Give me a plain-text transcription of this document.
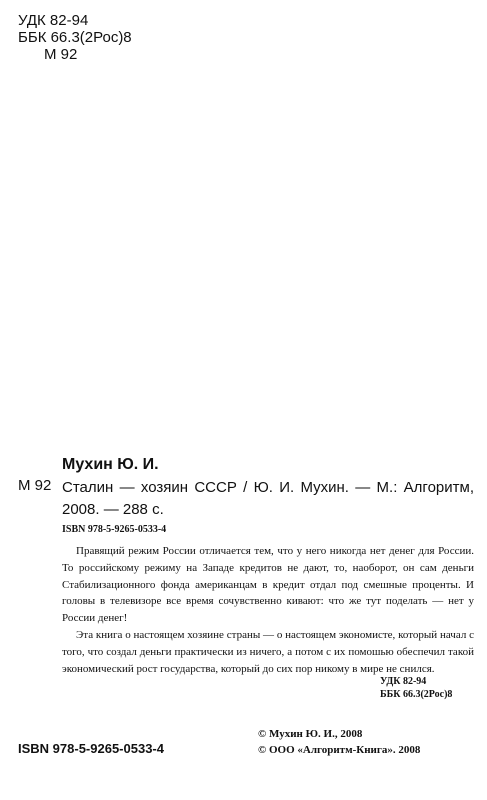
УДК 82-94
ББК 66.3(2Рос)8
М 92
Мухин Ю. И.
М 92 Сталин — хозяин СССР / Ю. И. Мухин. — М.: Алгоритм, 2008. — 288 с.
ISBN 978-5-9265-0533-4

Правящий режим России отличается тем, что у него никогда нет денег для России. То российскому режиму на Западе кредитов не дают, то, наоборот, он сам деньги Стабилизационного фонда американцам в кредит отдал под смешные проценты. И головы в телевизоре все время сочувственно кивают: что же тут поделать — нет у России денег!

Эта книга о настоящем хозяине страны — о настоящем экономисте, который начал с того, что создал деньги практически из ничего, а потом с их помошью обеспечил такой экономический рост государства, который до сих пор никому в мире не снился.

УДК 82-94
ББК 66.3(2Рос)8
ISBN 978-5-9265-0533-4
© Мухин Ю. И., 2008
© ООО «Алгоритм-Книга». 2008
